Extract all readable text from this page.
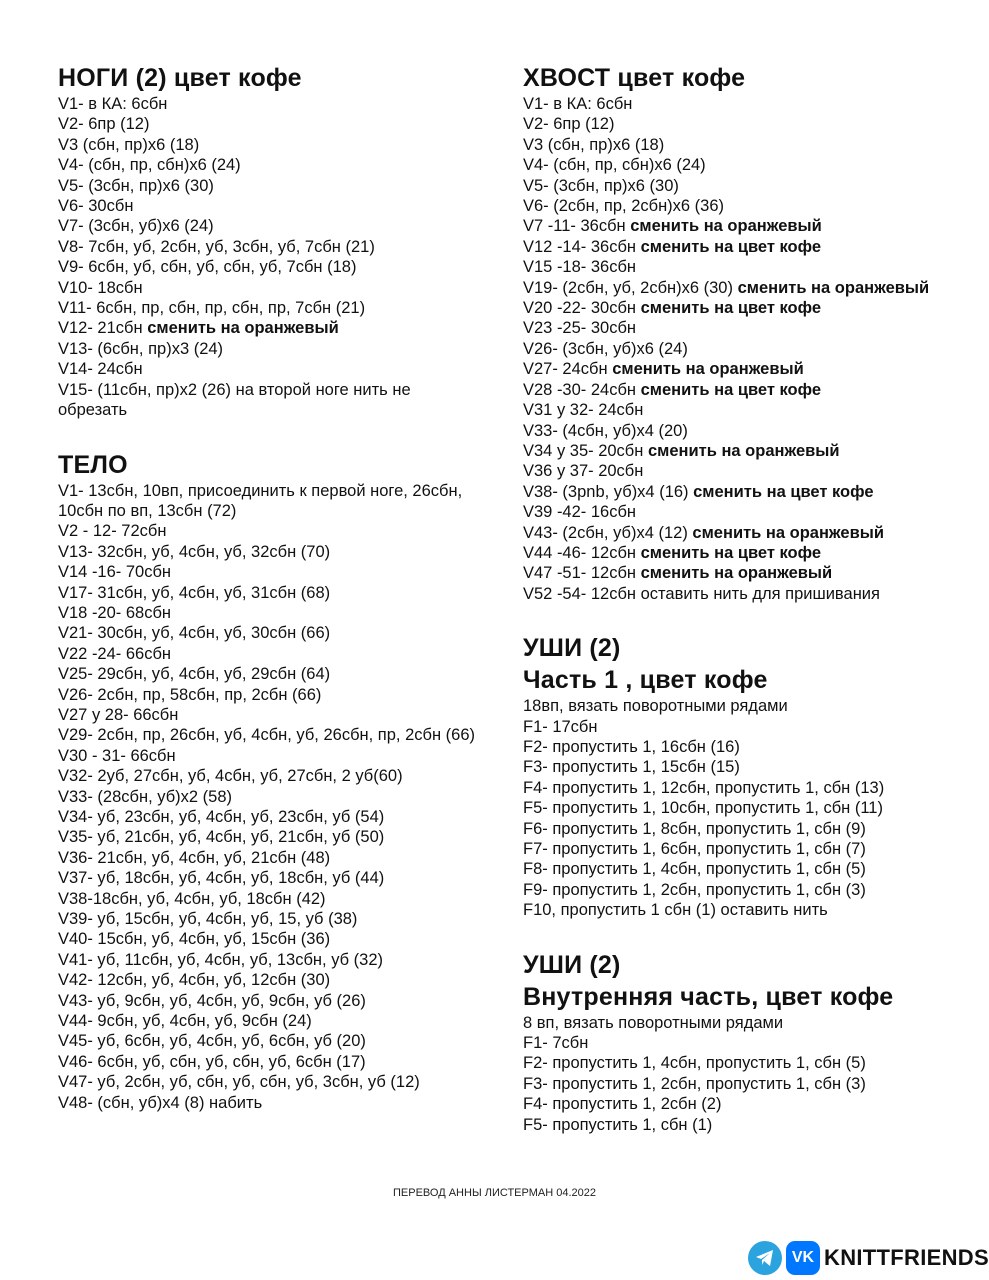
НОГИ (2) цвет кофе
V1- в КА: 6сбн
V2- 6пр (12)
V3 (сбн, пр)х6 (18)
V4- (сбн, пр, сбн)х6 (24)
V5- (3сбн, пр)х6 (30)
V6- 30сбн
V7- (3сбн, уб)х6 (24)
V8- 7сбн, уб, 2сбн, уб, 3сбн, уб, 7сбн (21)
V9- 6сбн, уб, сбн, уб, сбн, уб, 7сбн (18)
V10- 18сбн
V11- 6сбн, пр, сбн, пр, сбн, пр, 7сбн (21)
V12- 21сбн сменить на оранжевый
V13- (6сбн, пр)х3 (24)
V14- 24сбн
V15- (11сбн, пр)х2 (26) на второй ноге нить не обрезать
ТЕЛО
V1- 13сбн, 10вп, присоединить к первой ноге, 26сбн, 10сбн по вп, 13сбн (72)
V2 - 12- 72сбн
V13- 32сбн, уб, 4сбн, уб, 32сбн (70)
V14 -16- 70сбн
V17- 31сбн, уб, 4сбн, уб, 31сбн (68)
V18 -20- 68сбн
V21- 30сбн, уб, 4сбн, уб, 30сбн (66)
V22 -24- 66сбн
V25- 29сбн, уб, 4сбн, уб, 29сбн (64)
V26- 2сбн, пр, 58сбн, пр, 2сбн (66)
V27 у 28- 66сбн
V29- 2сбн, пр, 26сбн, уб, 4сбн, уб, 26сбн, пр, 2сбн (66)
V30 - 31- 66сбн
V32- 2уб, 27сбн, уб, 4сбн, уб, 27сбн, 2 уб(60)
V33- (28сбн, уб)х2 (58)
V34- уб, 23сбн, уб, 4сбн, уб, 23сбн, уб (54)
V35- уб, 21сбн, уб, 4сбн, уб, 21сбн, уб (50)
V36- 21сбн, уб, 4сбн, уб, 21сбн (48)
V37- уб, 18сбн, уб, 4сбн, уб, 18сбн, уб (44)
V38-18сбн, уб, 4сбн, уб, 18сбн (42)
V39- уб, 15сбн, уб, 4сбн, уб, 15, уб (38)
V40- 15сбн, уб, 4сбн, уб, 15сбн (36)
V41- уб, 11сбн, уб, 4сбн, уб, 13сбн, уб (32)
V42- 12сбн, уб, 4сбн, уб, 12сбн (30)
V43- уб, 9сбн, уб, 4сбн, уб, 9сбн, уб (26)
V44- 9сбн, уб, 4сбн, уб, 9сбн (24)
V45- уб, 6сбн, уб, 4сбн, уб, 6сбн, уб (20)
V46- 6сбн, уб, сбн, уб, сбн, уб, 6сбн (17)
V47- уб, 2сбн, уб, сбн, уб, сбн, уб, 3сбн, уб (12)
V48- (сбн, уб)х4 (8) набить
ХВОСТ цвет кофе
V1- в КА: 6сбн
V2- 6пр (12)
V3 (сбн, пр)х6 (18)
V4- (сбн, пр, сбн)х6 (24)
V5- (3сбн, пр)х6 (30)
V6- (2сбн, пр, 2сбн)х6 (36)
V7 -11- 36сбн сменить на оранжевый
V12 -14- 36сбн сменить на цвет кофе
V15 -18- 36сбн
V19- (2сбн, уб, 2сбн)х6 (30) сменить на оранжевый
V20 -22- 30сбн сменить на цвет кофе
V23 -25- 30сбн
V26- (3сбн, уб)х6 (24)
V27- 24сбн сменить на оранжевый
V28 -30- 24сбн сменить на цвет кофе
V31 у 32- 24сбн
V33- (4сбн, уб)х4 (20)
V34 у 35- 20сбн сменить на оранжевый
V36 у 37- 20сбн
V38- (3pnb, уб)х4 (16) сменить на цвет кофе
V39 -42- 16сбн
V43- (2сбн, уб)х4 (12) сменить на оранжевый
V44 -46- 12сбн сменить на цвет кофе
V47 -51- 12сбн сменить на оранжевый
V52 -54- 12сбн оставить нить для пришивания
УШИ (2)
Часть 1 , цвет кофе
18вп, вязать поворотными рядами
F1- 17сбн
F2- пропустить 1, 16сбн (16)
F3- пропустить 1, 15сбн (15)
F4- пропустить 1, 12сбн, пропустить 1, сбн (13)
F5- пропустить 1, 10сбн, пропустить 1, сбн (11)
F6- пропустить 1, 8сбн, пропустить 1, сбн (9)
F7- пропустить 1, 6сбн, пропустить 1, сбн (7)
F8- пропустить 1, 4сбн, пропустить 1, сбн (5)
F9- пропустить 1, 2сбн, пропустить 1, сбн (3)
F10, пропустить 1 сбн (1) оставить нить
УШИ (2)
Внутренняя часть, цвет кофе
8 вп, вязать поворотными рядами
F1- 7сбн
F2- пропустить 1, 4сбн, пропустить 1, сбн (5)
F3- пропустить 1, 2сбн, пропустить 1, сбн (3)
F4- пропустить 1, 2сбн (2)
F5- пропустить 1, сбн (1)
ПЕРЕВОД АННЫ ЛИСТЕРМАН 04.2022
VK KNITTFRIENDS
